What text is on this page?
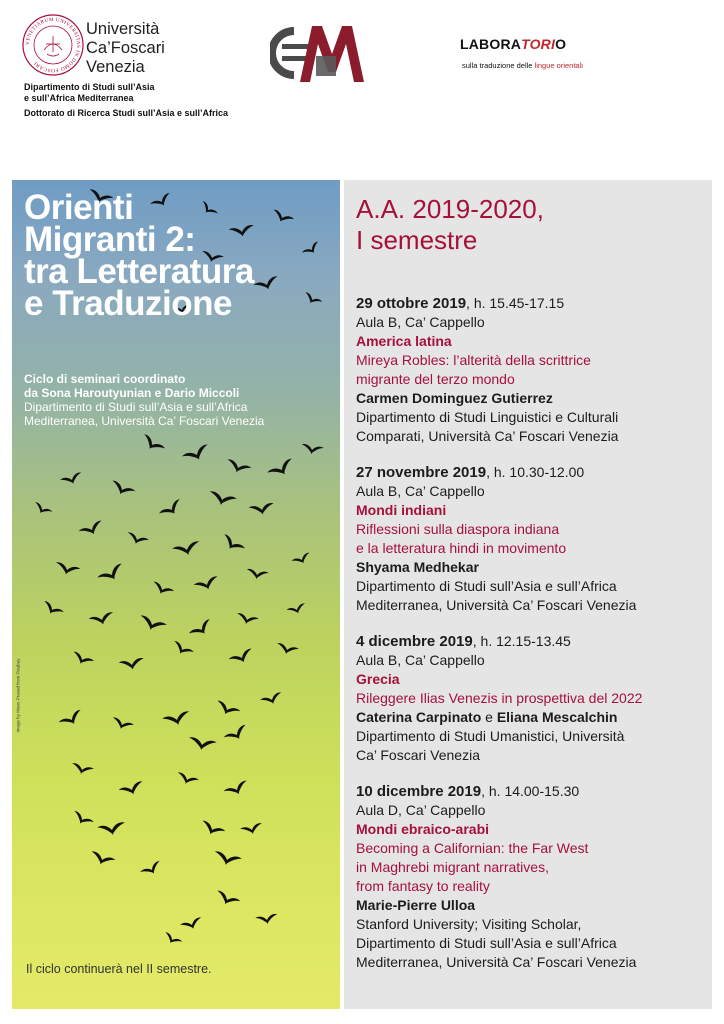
VENETIARUM UNIVERSITAS IN DOMO FOSCARI
Università
Ca’Foscari
Venezia
Dipartimento di Studi sull’Asia
e sull’Africa Mediterranea
Dottorato di Ricerca Studi sull’Asia e sull’Africa
LABORATORIO
sulla traduzione delle lingue orientali
Orienti
Migranti 2:
tra Letteratura
e Traduzione
Ciclo di seminari coordinato
da Sona Haroutyunian e Dario Miccoli
Dipartimento di Studi sull’Asia e sull’Africa
Mediterranea, Università Ca’ Foscari Venezia
Image by Manu Prasad from Pixabay
Il ciclo continuerà nel II semestre.
A.A. 2019-2020,
I semestre
29 ottobre 2019, h. 15.45-17.15
Aula B, Ca’ Cappello
America latina
Mireya Robles: l’alterità della scrittrice
migrante del terzo mondo
Carmen Dominguez Gutierrez
Dipartimento di Studi Linguistici e Culturali
Comparati, Università Ca’ Foscari Venezia
27 novembre 2019, h. 10.30-12.00
Aula B, Ca’ Cappello
Mondi indiani
Riflessioni sulla diaspora indiana
e la letteratura hindi in movimento
Shyama Medhekar
Dipartimento di Studi sull’Asia e sull’Africa
Mediterranea, Università Ca’ Foscari Venezia
4 dicembre 2019, h. 12.15-13.45
Aula B, Ca’ Cappello
Grecia
Rileggere Ilias Venezis in prospettiva del 2022
Caterina Carpinato e Eliana Mescalchin
Dipartimento di Studi Umanistici, Università
Ca’ Foscari Venezia
10 dicembre 2019, h. 14.00-15.30
Aula D, Ca’ Cappello
Mondi ebraico-arabi
Becoming a Californian: the Far West
in Maghrebi migrant narratives,
from fantasy to reality
Marie-Pierre Ulloa
Stanford University; Visiting Scholar,
Dipartimento di Studi sull’Asia e sull’Africa
Mediterranea, Università Ca’ Foscari Venezia
